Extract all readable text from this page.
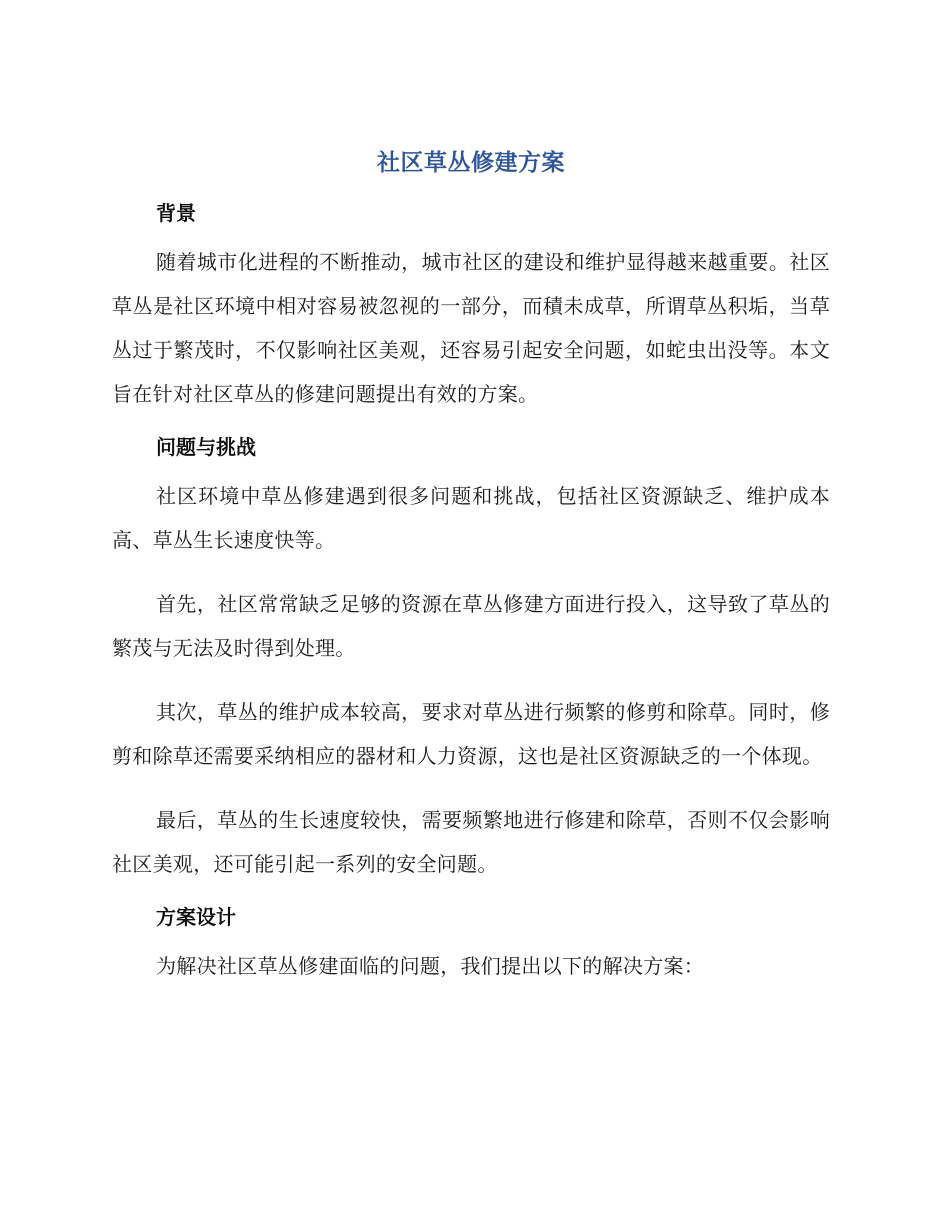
社区草丛修建方案
背景

随着城市化进程的不断推动，城市社区的建设和维护显得越来越重要。社区草丛是社区环境中相对容易被忽视的一部分，而積未成草，所谓草丛积垢，当草丛过于繁茂时，不仅影响社区美观，还容易引起安全问题，如蛇虫出没等。本文旨在针对社区草丛的修建问题提出有效的方案。

问题与挑战

社区环境中草丛修建遇到很多问题和挑战，包括社区资源缺乏、维护成本高、草丛生长速度快等。

首先，社区常常缺乏足够的资源在草丛修建方面进行投入，这导致了草丛的繁茂与无法及时得到处理。

其次，草丛的维护成本较高，要求对草丛进行频繁的修剪和除草。同时，修剪和除草还需要采纳相应的器材和人力资源，这也是社区资源缺乏的一个体现。

最后，草丛的生长速度较快，需要频繁地进行修建和除草，否则不仅会影响社区美观，还可能引起一系列的安全问题。

方案设计

为解决社区草丛修建面临的问题，我们提出以下的解决方案：
